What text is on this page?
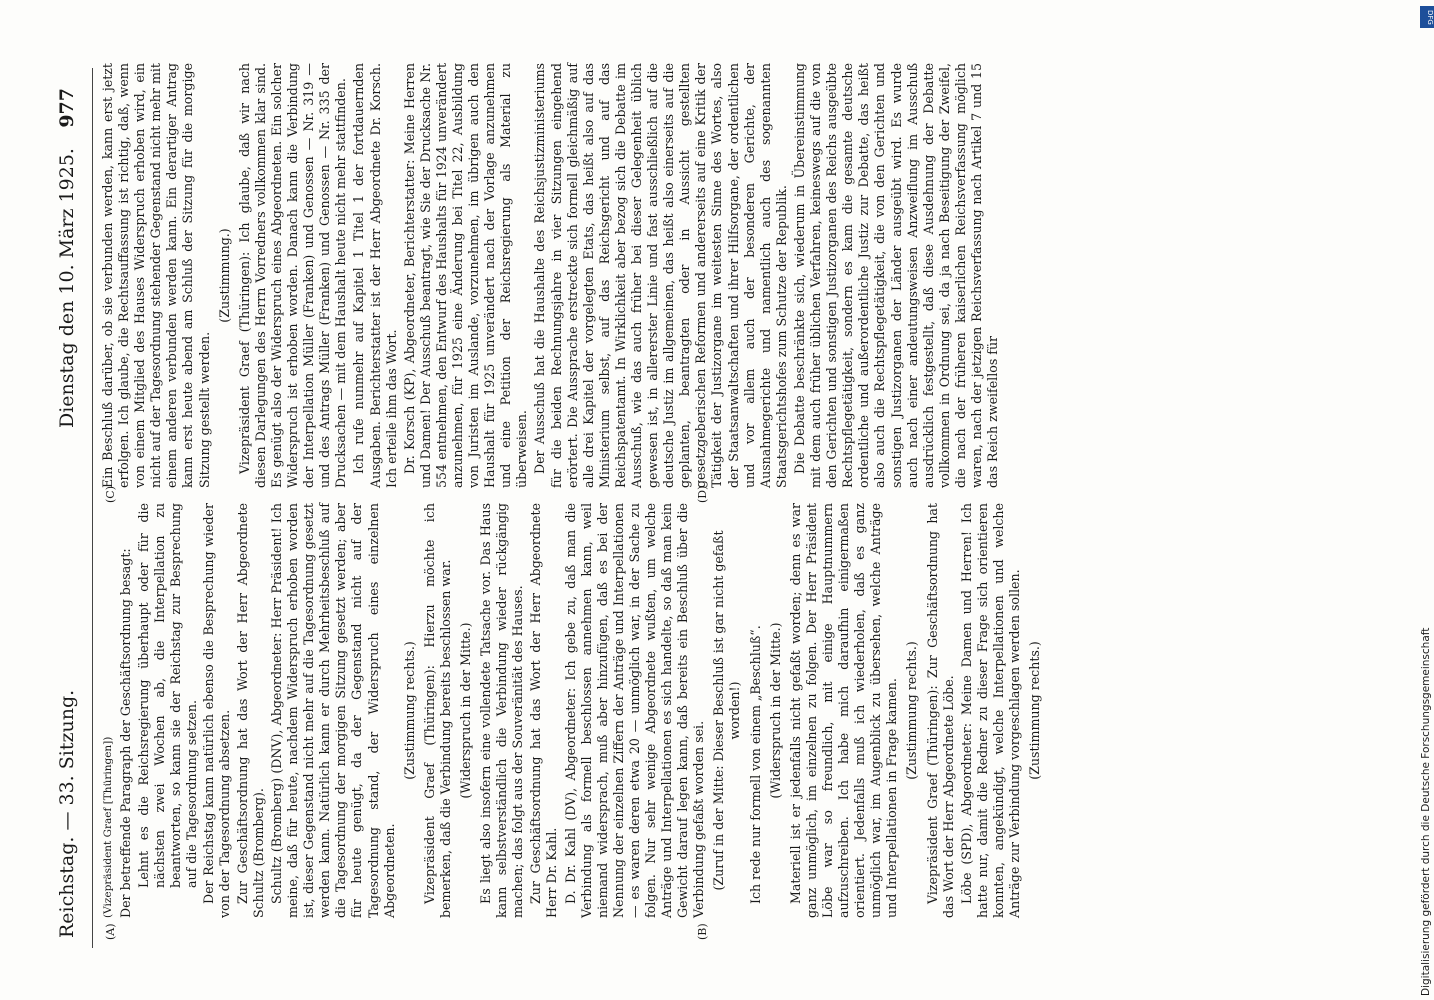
Reichstag. — 33. Sitzung.
Dienstag den 10. März 1925.
977
(A)	(B)
(C)	(D)

(Vizepräsident Graef [Thüringen]) Der betreffende Paragraph der Geschäftsordnung besagt: Lehnt es die Reichsregierung überhaupt oder für die nächsten zwei Wochen ab, die Interpellation zu beantworten, so kann sie der Reichstag zur Besprechung auf die Tagesordnung setzen. Der Reichstag kann natürlich ebenso die Besprechung wieder von der Tagesordnung absetzen. Zur Geschäftsordnung hat das Wort der Herr Abgeordnete Schultz (Bromberg). Schultz (Bromberg) (DNV), Abgeordneter: Herr Präsident! Ich meine, daß für heute, nachdem Widerspruch erhoben worden ist, dieser Gegenstand nicht mehr auf die Tagesordnung gesetzt werden kann. Natürlich kann er durch Mehrheitsbeschluß auf die Tagesordnung der morgigen Sitzung gesetzt werden; aber für heute genügt, da der Gegenstand nicht auf der Tagesordnung stand, der Widerspruch eines einzelnen Abgeordneten.

(Zustimmung rechts.) Vizepräsident Graef (Thüringen): Hierzu möchte ich bemerken, daß die Verbindung bereits beschlossen war. (Widerspruch in der Mitte.) Es liegt also insofern eine vollendete Tatsache vor. Das Haus kann selbstverständlich die Verbindung wieder rückgängig machen; das folgt aus der Souveränität des Hauses. Zur Geschäftsordnung hat das Wort der Herr Abgeordnete Herr Dr. Kahl. D. Dr. Kahl (DV), Abgeordneter: Ich gebe zu, daß man die Verbindung als formell beschlossen annehmen kann, weil niemand widersprach, muß aber hinzufügen, daß es bei der Nennung der einzelnen Ziffern der Anträge und Interpellationen — es waren deren etwa 20 — unmöglich war, in der Sache zu folgen. Nur sehr wenige Abgeordnete wußten, um welche Anträge und Interpellationen es sich handelte, so daß man kein Gewicht darauf legen kann, daß bereits ein Beschluß über die Verbindung gefaßt worden sei. (Zuruf in der Mitte: Dieser Beschluß ist gar nicht gefaßt worden!) Ich rede nur formell von einem „Beschluß“. (Widerspruch in der Mitte.) Materiell ist er jedenfalls nicht gefaßt worden; denn es war ganz unmöglich, im einzelnen zu folgen. Der Herr Präsident Löbe war so freundlich, mit einige Hauptnummern aufzuschreiben. Ich habe mich daraufhin einigermaßen orientiert. Jedenfalls muß ich wiederholen, daß es ganz unmöglich war, im Augenblick zu übersehen, welche Anträge und Interpellationen in Frage kamen. (Zustimmung rechts.) Vizepräsident Graef (Thüringen): Zur Geschäftsordnung hat das Wort der Herr Abgeordnete Löbe. Löbe (SPD), Abgeordneter: Meine Damen und Herren! Ich hatte nur, damit die Redner zu dieser Frage sich orientieren konnten, angekündigt, welche Interpellationen und welche Anträge zur Verbindung vorgeschlagen werden sollen. (Zustimmung rechts.)

Ein Beschluß darüber, ob sie verbunden werden, kann erst jetzt erfolgen. Ich glaube, die Rechtsauffassung ist richtig, daß, wenn von einem Mitglied des Hauses Widerspruch erhoben wird, ein nicht auf der Tagesordnung stehender Gegenstand nicht mehr mit einem anderen verbunden werden kann. Ein derartiger Antrag kann erst heute abend am Schluß der Sitzung für die morgige Sitzung gestellt werden.

(Zustimmung.) Vizepräsident Graef (Thüringen): Ich glaube, daß wir nach diesen Darlegungen des Herrn Vorredners vollkommen klar sind. Es genügt also der Widerspruch eines Abgeordneten. Ein solcher Widerspruch ist erhoben worden. Danach kann die Verbindung der Interpellation Müller (Franken) und Genossen — Nr. 319 — und des Antrags Müller (Franken) und Genossen — Nr. 335 der Drucksachen — mit dem Haushalt heute nicht mehr stattfinden. Ich rufe nunmehr auf Kapitel 1 Titel 1 der fortdauernden Ausgaben. Berichterstatter ist der Herr Abgeordnete Dr. Korsch. Ich erteile ihm das Wort. Dr. Korsch (KP), Abgeordneter, Berichterstatter: Meine Herren und Damen! Der Ausschuß beantragt, wie Sie der Drucksache Nr. 554 entnehmen, den Entwurf des Haushalts für 1924 unverändert anzunehmen, für 1925 eine Änderung bei Titel 22, Ausbildung von Juristen im Auslande, vorzunehmen, im übrigen auch den Haushalt für 1925 unverändert nach der Vorlage anzunehmen und eine Petition der Reichsregierung als Material zu überweisen. Der Ausschuß hat die Haushalte des Reichsjustizministeriums für die beiden Rechnungsjahre in vier Sitzungen eingehend erörtert. Die Aussprache erstreckte sich formell gleichmäßig auf alle drei Kapitel der vorgelegten Etats, das heißt also auf das Ministerium selbst, auf das Reichsgericht und auf das Reichspatentamt. In Wirklichkeit aber bezog sich die Debatte im Ausschuß, wie das auch früher bei dieser Gelegenheit üblich gewesen ist, in allererster Linie und fast ausschließlich auf die deutsche Justiz im allgemeinen, das heißt also einerseits auf die geplanten, beantragten oder in Aussicht gestellten gesetzgeberischen Reformen und andererseits auf eine Kritik der Tätigkeit der Justizorgane im weitesten Sinne des Wortes, also der Staatsanwaltschaften und ihrer Hilfsorgane, der ordentlichen und vor allem auch der besonderen Gerichte, der Ausnahmegerichte und namentlich auch des sogenannten Staatsgerichtshofes zum Schutze der Republik. Die Debatte beschränkte sich, wiederum in Übereinstimmung mit dem auch früher üblichen Verfahren, keineswegs auf die von den Gerichten und sonstigen Justizorganen des Reichs ausgeübte Rechtspflegetätigkeit, sondern es kam die gesamte deutsche ordentliche und außerordentliche Justiz zur Debatte, das heißt also auch die Rechtspflegetätigkeit, die von den Gerichten und sonstigen Justizorganen der Länder ausgeübt wird. Es wurde auch nach einer andeutungsweisen Anzweiflung im Ausschuß ausdrücklich festgestellt, daß diese Ausdehnung der Debatte vollkommen in Ordnung sei, da ja nach Beseitigung der Zweifel, die nach der früheren kaiserlichen Reichsverfassung möglich waren, nach der jetzigen Reichsverfassung nach Artikel 7 und 15 das Reich zweifellos für

DFG
Digitalisierung gefördert durch die Deutsche Forschungsgemeinschaft
